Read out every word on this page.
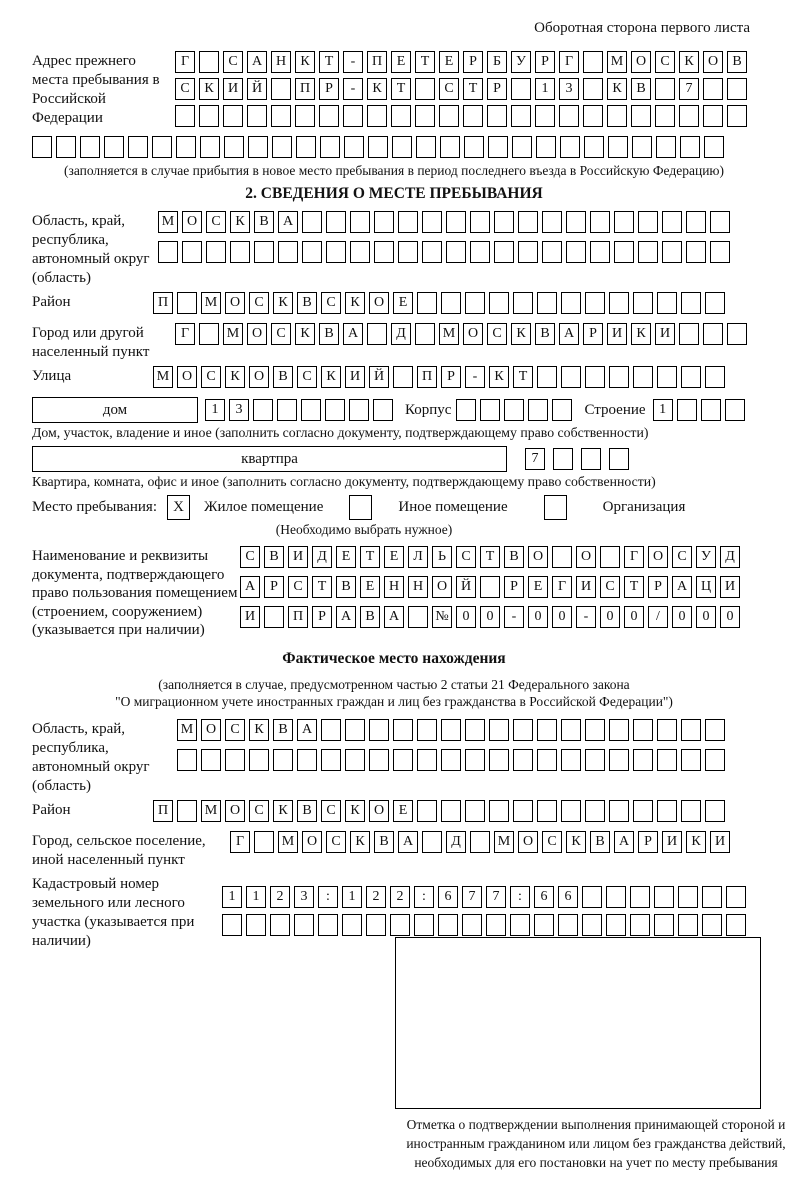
Оборотная сторона первого листа
Адрес прежнего места пребывания в Российской Федерации
Г	С	А Н	К	Т	-	П	Е	Т	Е	Р	Б	У	Р	Г	М О	С	К	О	В
С	К	И Й	П	Р	-	К	Т	С	Т	Р	1	3	К	В	7
(заполняется в случае прибытия в новое место пребывания в период последнего въезда в Российскую Федерацию)
2. СВЕДЕНИЯ О МЕСТЕ ПРЕБЫВАНИЯ
Область, край, республика, автономный округ (область)
М О	С	К	В	А
Район	П	М О	С	К	В	С	К	О	Е
Город или другой населенный пункт
Г	М О	С	К	В	А	Д	М О	С	К	В	А	Р	И	К	И
Улица	М О	С	К	О	В	С	К	И Й	П	Р	-	К	Т
дом	1	3	Корпус	Строение 1
Дом, участок, владение и иное (заполнить согласно документу, подтверждающему право собственности)
квартпра	7
Квартира, комната, офис и иное (заполнить согласно документу, подтверждающему право собственности)
Место пребывания:	X	Жилое помещение	Иное помещение	Организация
(Необходимо выбрать нужное)
Наименование и реквизиты документа, подтверждающего право пользования помещением (строением, сооружением) (указывается при наличии)
С	В	И	Д	Е	Т	Е	Л	Ь	С	Т	В	О	О	Г	О	С	У	Д
А	Р	С	Т	В	Е	Н Н О Й	Р	Е	Г	И	С	Т	Р	А Ц И
И	П	Р	А	В	А	№ 0	0	-	0	0	-	0	0	/	0	0	0
Фактическое место нахождения
(заполняется в случае, предусмотренном частью 2 статьи 21 Федерального закона
"О миграционном учете иностранных граждан и лиц без гражданства в Российской Федерации")
Область, край, республика, автономный округ (область)
М О	С	К	В	А
Район	П	М О	С	К	В	С	К	О	Е
Город, сельское поселение, иной населенный пункт
Г	М О	С	К	В	А	Д	М О	С	К	В	А	Р	И	К	И
Кадастровый номер земельного или лесного участка (указывается при наличии)
1	1	2	3	:	1	2	2	:	6	7	7	:	6	6
Отметка о подтверждении выполнения принимающей стороной и иностранным гражданином или лицом без гражданства действий, необходимых для его постановки на учет по месту пребывания
